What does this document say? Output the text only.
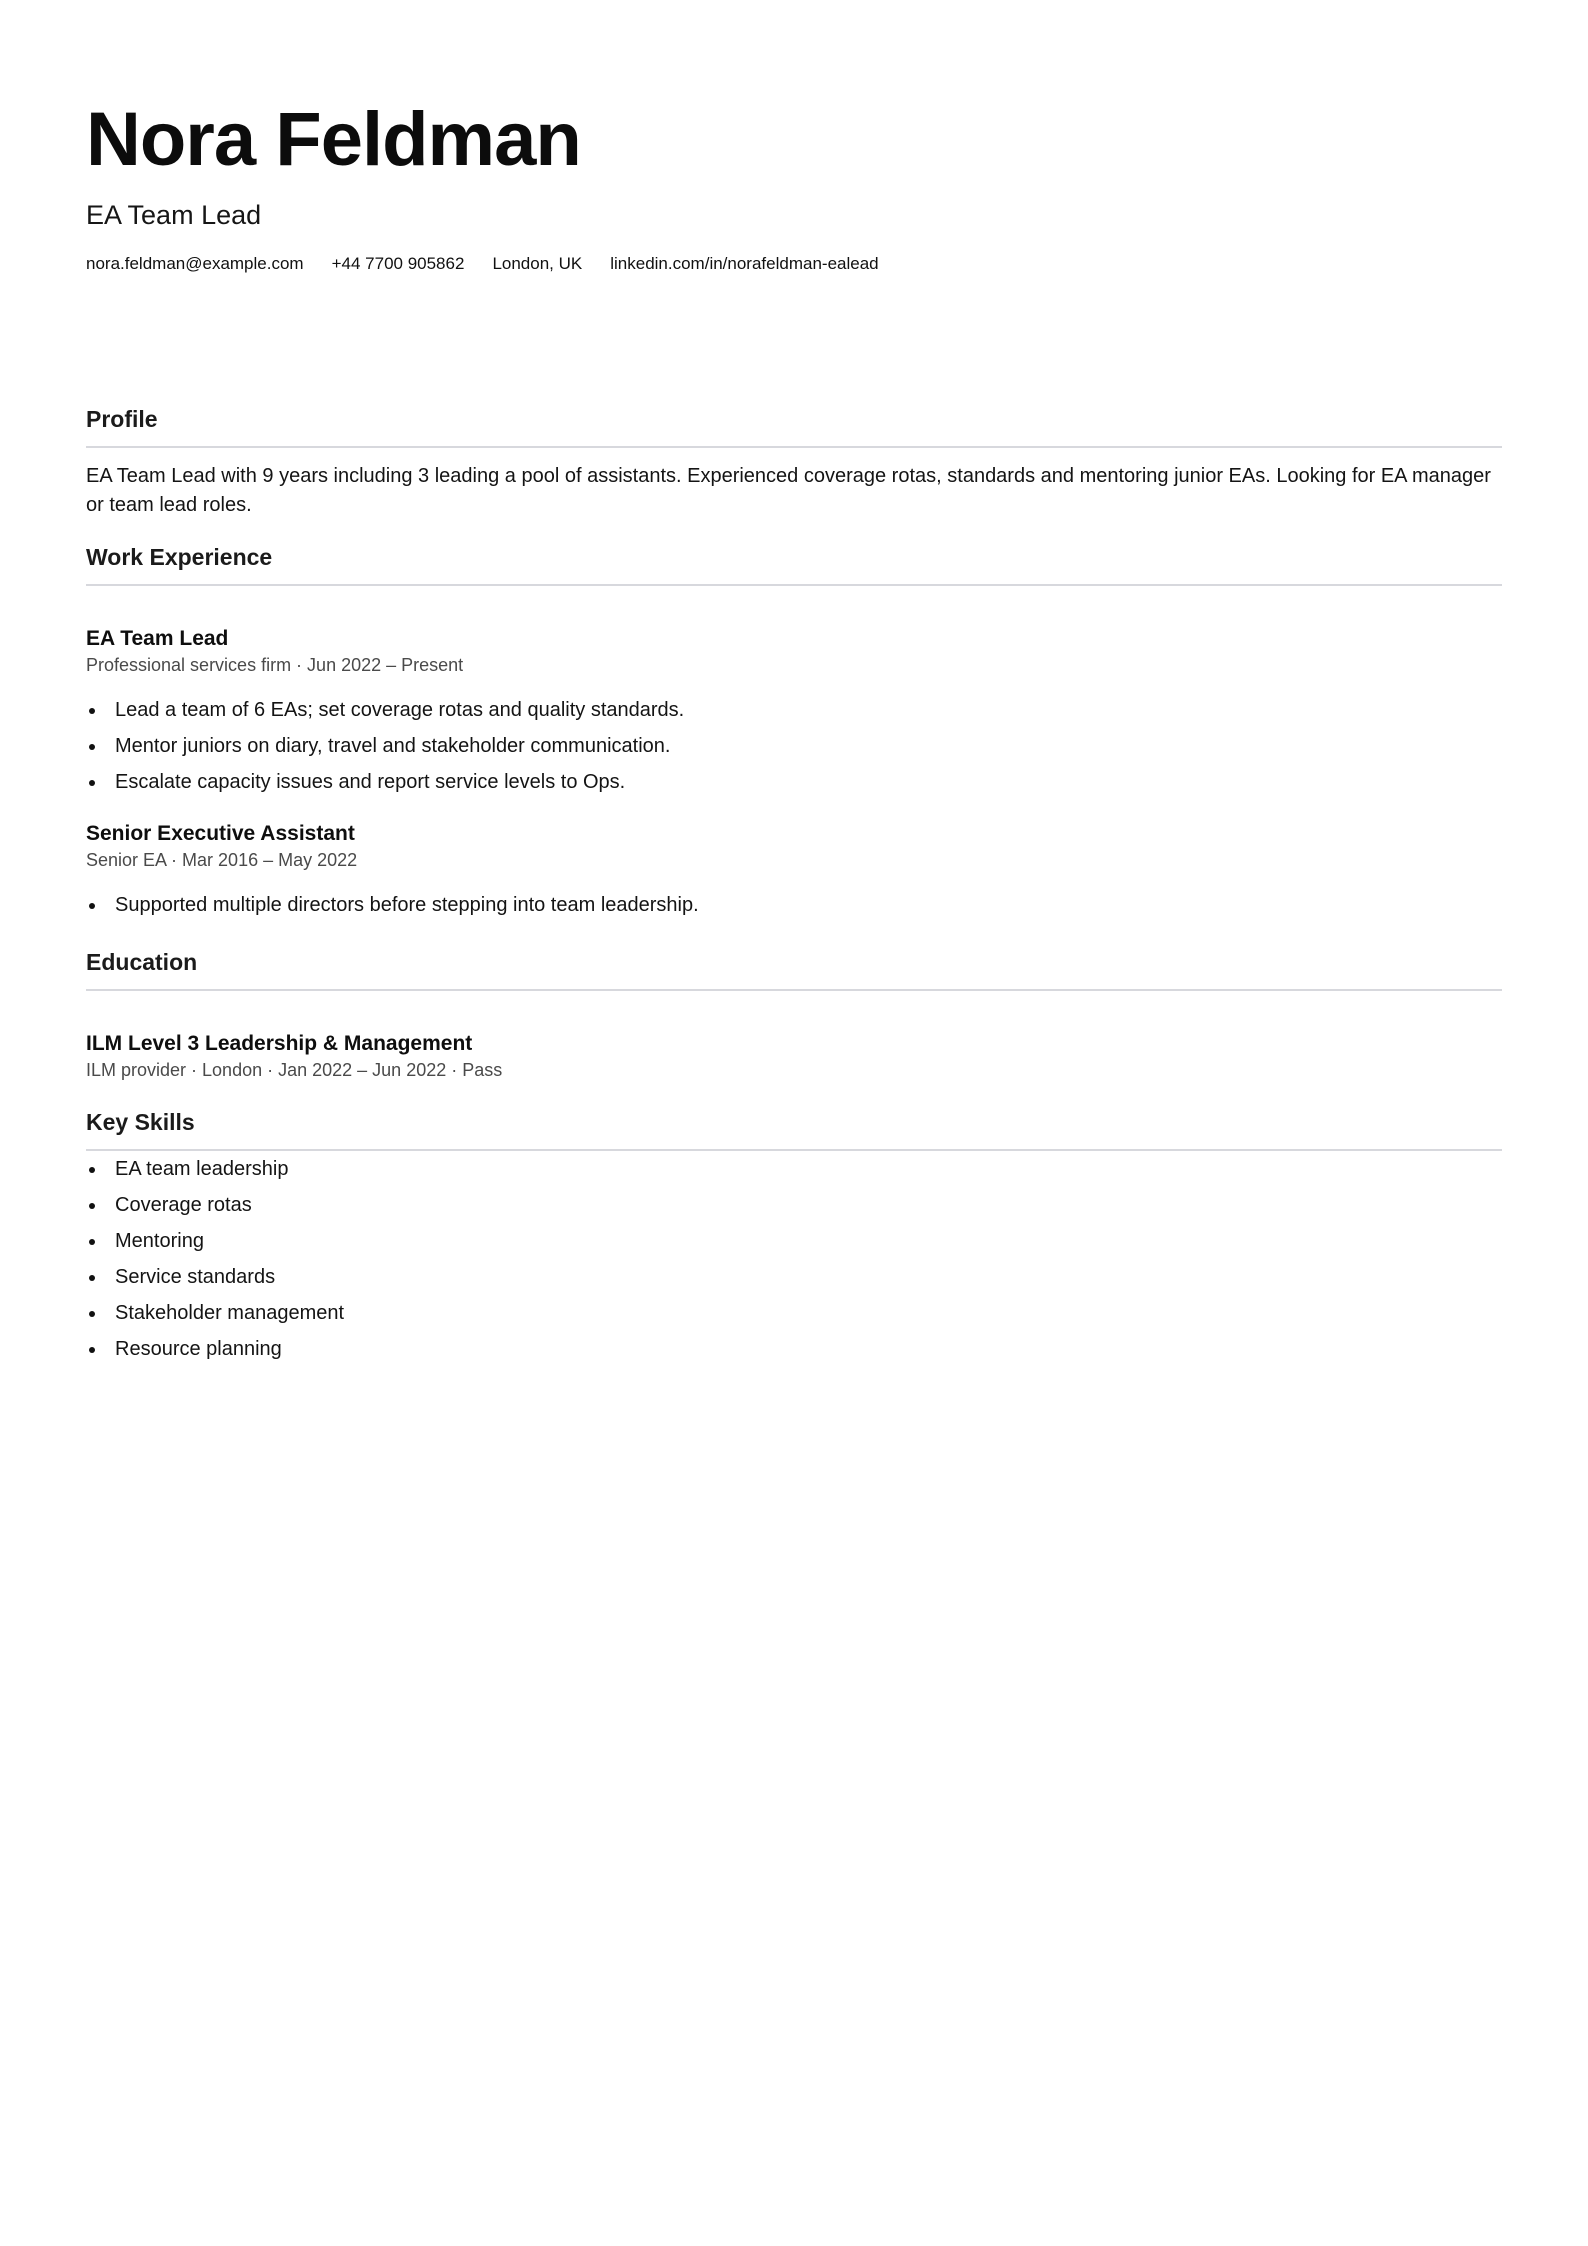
Nora Feldman
EA Team Lead
nora.feldman@example.com +44 7700 905862 London, UK linkedin.com/in/norafeldman-ealead
Profile
EA Team Lead with 9 years including 3 leading a pool of assistants. Experienced coverage rotas, standards and mentoring junior EAs. Looking for EA manager or team lead roles.
Work Experience
EA Team Lead
Professional services firm · Jun 2022 – Present
Lead a team of 6 EAs; set coverage rotas and quality standards.
Mentor juniors on diary, travel and stakeholder communication.
Escalate capacity issues and report service levels to Ops.
Senior Executive Assistant
Senior EA · Mar 2016 – May 2022
Supported multiple directors before stepping into team leadership.
Education
ILM Level 3 Leadership & Management
ILM provider · London · Jan 2022 – Jun 2022 · Pass
Key Skills
EA team leadership
Coverage rotas
Mentoring
Service standards
Stakeholder management
Resource planning
